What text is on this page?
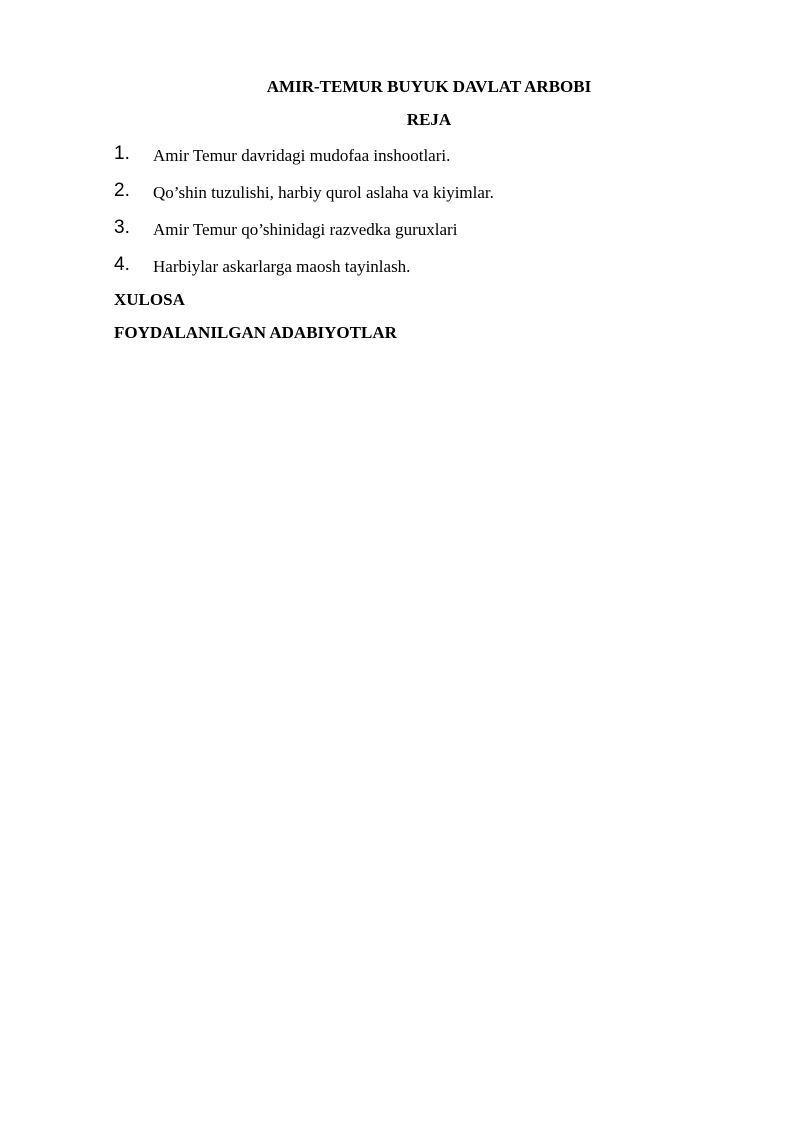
AMIR-TEMUR BUYUK DAVLAT ARBOBI
REJA
1. Amir Temur davridagi mudofaa inshootlari.
2. Qo’shin tuzulishi, harbiy qurol aslaha va kiyimlar.
3. Amir Temur qo’shinidagi razvedka guruxlari
4. Harbiylar askarlarga maosh tayinlash.
XULOSA
FOYDALANILGAN ADABIYOTLAR
